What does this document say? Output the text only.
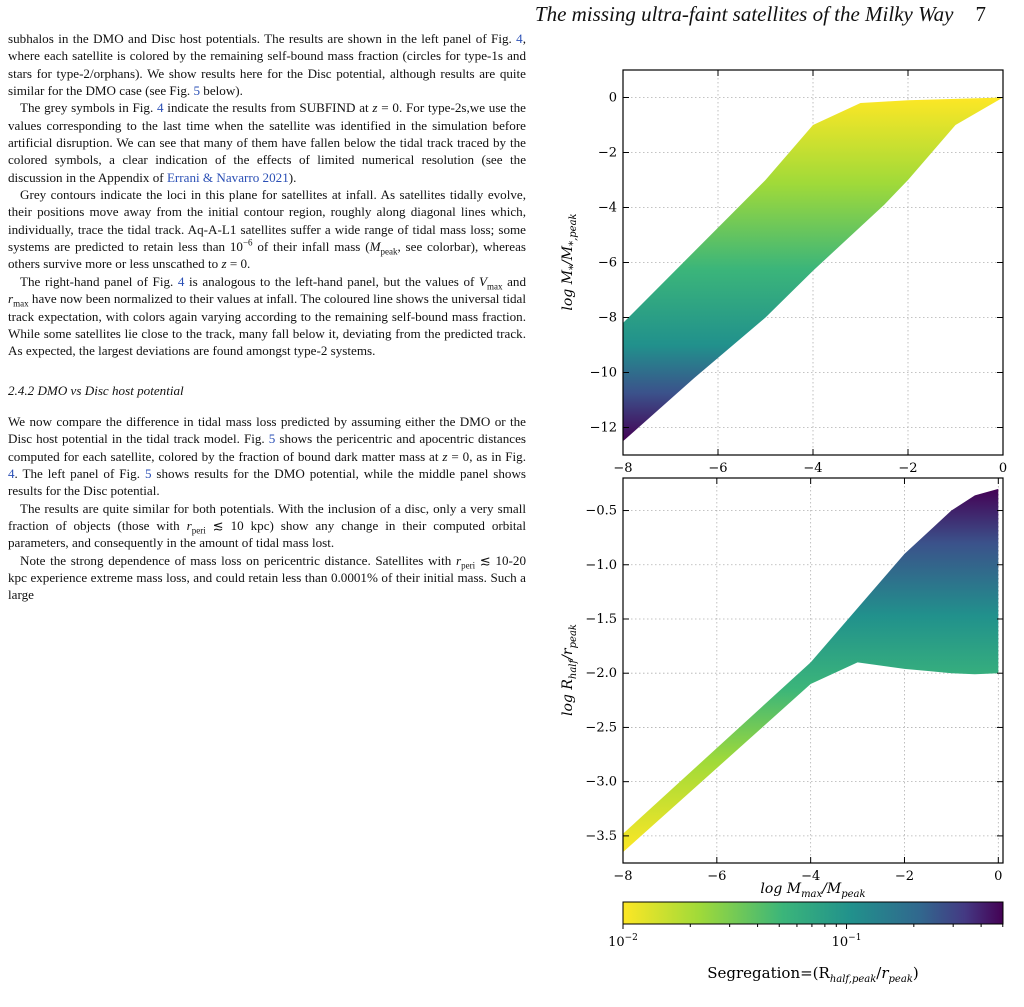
The missing ultra-faint satellites of the Milky Way 7

subhalos in the DMO and Disc host potentials. The results are shown in the left panel of Fig. 4, where each satellite is colored by the remaining self-bound mass fraction (circles for type-1s and stars for type-2/orphans). We show results here for the Disc potential, although results are quite similar for the DMO case (see Fig. 5 below).

The grey symbols in Fig. 4 indicate the results from SUBFIND at z = 0. For type-2s,we use the values corresponding to the last time when the satellite was identified in the simulation before artificial disruption. We can see that many of them have fallen below the tidal track traced by the colored symbols, a clear indication of the effects of limited numerical resolution (see the discussion in the Appendix of Errani & Navarro 2021).

Grey contours indicate the loci in this plane for satellites at infall. As satellites tidally evolve, their positions move away from the initial contour region, roughly along diagonal lines which, individually, trace the tidal track. Aq-A-L1 satellites suffer a wide range of tidal mass loss; some systems are predicted to retain less than $10^{-6}$ of their infall mass ($M_{peak}$, see colorbar), whereas others survive more or less unscathed to z = 0.

The right-hand panel of Fig. 4 is analogous to the left-hand panel, but the values of $V_{max}$ and $r_{max}$ have now been normalized to their values at infall. The coloured line shows the universal tidal track expectation, with colors again varying according to the remaining self-bound mass fraction. While some satellites lie close to the track, many fall below it, deviating from the predicted track. As expected, the largest deviations are found amongst type-2 systems.

2.4.2 DMO vs Disc host potential

We now compare the difference in tidal mass loss predicted by assuming either the DMO or the Disc host potential in the tidal track model. Fig. 5 shows the pericentric and apocentric distances computed for each satellite, colored by the fraction of bound dark matter mass at z = 0, as in Fig. 4. The left panel of Fig. 5 shows results for the DMO potential, while the middle panel shows results for the Disc potential.

The results are quite similar for both potentials. With the inclusion of a disc, only a very small fraction of objects (those with $r_{peri}$ ≲ 10 kpc) show any change in their computed orbital parameters, and consequently in the amount of tidal mass lost.

Note the strong dependence of mass loss on pericentric distance. Satellites with $r_{peri}$ ≲ 10-20 kpc experience extreme mass loss, and could retain less than 0.0001% of their initial mass. Such a large

−8	−6	−4	−2	0
0
−2
−4
−6
−8
−10
−12
$\log M_*/M_{*,peak}$
−8	−6	−4	−2	0
−0.5
−1.0
−1.5
−2.0
−2.5
−3.0
−3.5
$\log R_{half}/r_{peak}$
$\log M_{max}/M_{peak}$
$10^{-2}$	$10^{-1}$
$Segregation=(R_{half,peak}/r_{peak})$
